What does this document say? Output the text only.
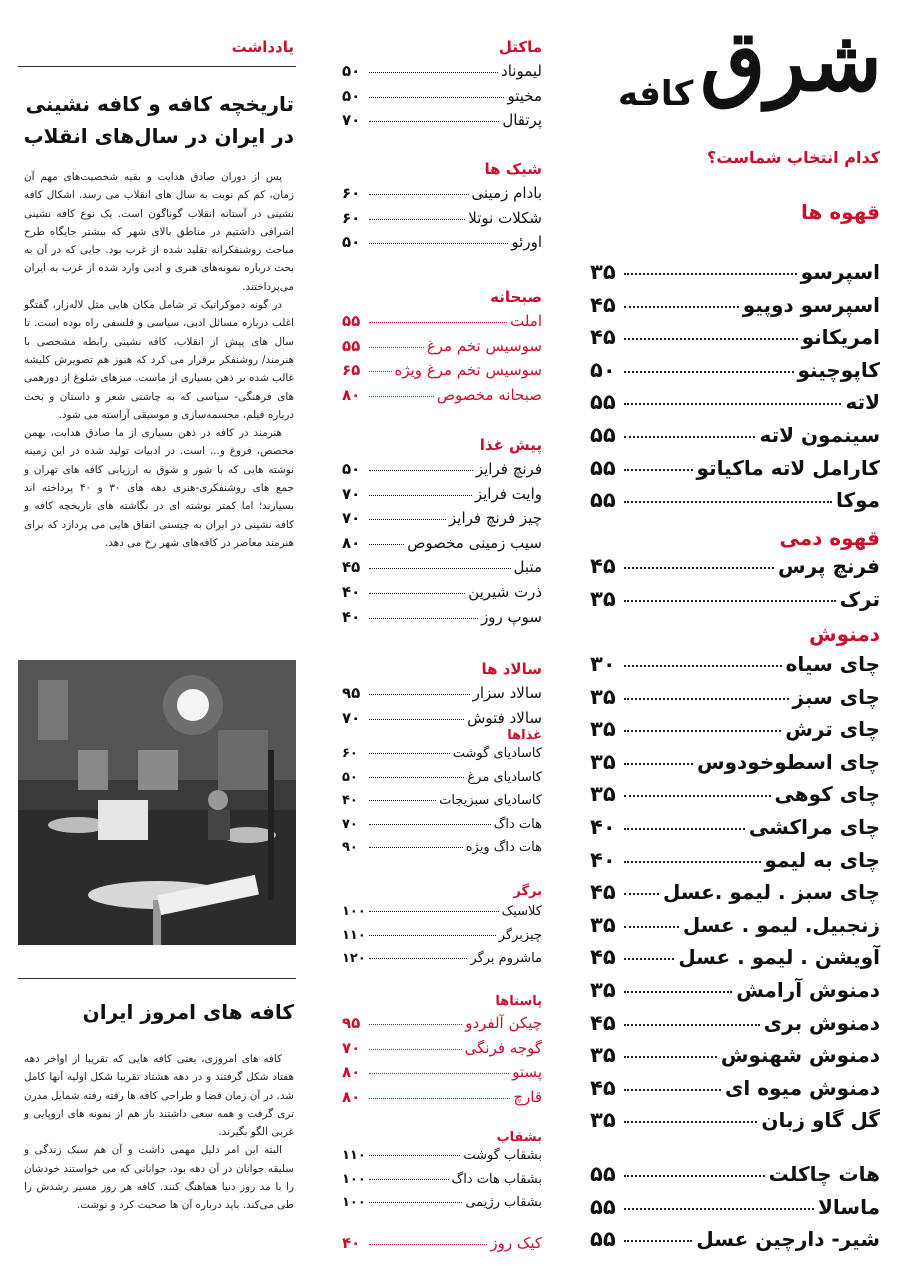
شرق
کافه
کدام انتخاب شماست؟
قهوه ها
اسپرسو
۳۵
اسپرسو دوپیو
۴۵
امریکانو
۴۵
کاپوچینو
۵۰
لاته
۵۵
سینمون لاته
۵۵
کارامل لاته ماکیاتو
۵۵
موکا
۵۵
قهوه دمی
فرنچ پرس
۴۵
ترک
۳۵
دمنوش
چای سیاه
۳۰
چای سبز
۳۵
چای ترش
۳۵
چای اسطوخودوس
۳۵
چای کوهی
۳۵
چای مراکشی
۴۰
چای به لیمو
۴۰
چای سبز . لیمو .عسل
۴۵
زنجبیل. لیمو . عسل
۳۵
آویشن . لیمو . عسل
۴۵
دمنوش آرامش
۳۵
دمنوش بری
۴۵
دمنوش شهنوش
۳۵
دمنوش میوه ای
۴۵
گل گاو زبان
۳۵
هات چاکلت
۵۵
ماسالا
۵۵
شیر- دارچین عسل
۵۵
ماکتل
لیموناد
۵۰
مخیتو
۵۰
پرتقال
۷۰
شیک ها
بادام زمینی
۶۰
شکلات نوتلا
۶۰
اورئو
۵۰
صبحانه
املت
۵۵
سوسیس تخم مرغ
۵۵
سوسیس تخم مرغ ویژه
۶۵
صبحانه مخصوص
۸۰
پیش غذا
فرنچ فرایز
۵۰
وایت فرایز
۷۰
چیز فرنچ فرایز
۷۰
سیب زمینی مخصوص
۸۰
متبل
۴۵
ذرت شیرین
۴۰
سوپ روز
۴۰
سالاد ها
سالاد سزار
۹۵
سالاد فتوش
۷۰
غذاها
کاسادیای گوشت
۶۰
کاسادیای مرغ
۵۰
کاسادیای سبزیجات
۴۰
هات داگ
۷۰
هات داگ ویژه
۹۰
برگر
کلاسیک
۱۰۰
چیزبرگر
۱۱۰
ماشروم برگر
۱۲۰
پاستاها
چیکن آلفردو
۹۵
گوجه فرنگی
۷۰
پستو
۸۰
قارچ
۸۰
بشقاب
بشقاب گوشت
۱۱۰
بشقاب هات داگ
۱۰۰
بشقاب رژیمی
۱۰۰
کیک روز
۴۰
یادداشت
تاریخچه کافه و کافه نشینی در ایران در سال‌های انقلاب

پس از دوران صادق هدایت و بقیه شخصیت‌های مهم آن زمان، کم کم نوبت به سال های انقلاب می رسد. اشکال کافه نشینی در آستانه انقلاب گوناگون است. یک نوع کافه نشینی اشرافی داشتیم در مناطق بالای شهر که بیشتر جایگاه طرح مباحث روشنفکرانه تقلید شده از غرب بود. جایی که در آن به بحث درباره نمونه‌های هنری و ادبی وارد شده از غرب به ایران می‌پرداختند.

در گونه دموکراتیک تر شامل مکان هایی مثل لاله‌زار، گفتگو اغلب درباره مسائل ادبی، سیاسی و فلسفی راه بوده است. تا سال های پیش از انقلاب، کافه نشینی رابطه مشخصی با هنرمند/ روشنفکر برقرار می کرد که هنوز هم تصویرش کلیشه غالب شده بر ذهن بسیاری از ماست. میزهای شلوغ از دورهمی های فرهنگی- سیاسی که به چاشنی شعر و داستان و بحث درباره فیلم، مجسمه‌سازی و موسیقی آراسته می شود.

هنرمند در کافه در ذهن بسیاری از ما صادق هدایت، بهمن محصص، فروغ و... است. در ادبیات تولید شده در این زمینه نوشته هایی که با شور و شوق به ارزیابی کافه های تهران و جمع های روشنفکری-هنری دهه های ۳۰ و ۴۰ پرداخته اند بسیارند؛ اما کمتر نوشته ای در نگاشته های تاریخچه کافه و کافه نشینی در ایران به چیستی اتفاق هایی می پردازد که برای هنرمند معاصر در کافه‌های شهر رخ می دهد.

کافه های امروز ایران

کافه های امروزی، یعنی کافه هایی که تقریبا از اواخر دهه هفتاد شکل گرفتند و در دهه هشتاد تقریبا شکل اولیه آنها کامل شد. در آن زمان فضا و طراحی کافه ها رفته رفته شمایل مدرن تری گرفت و همه سعی داشتند باز هم از نمونه های اروپایی و غربی الگو بگیرند.

البته این امر دلیل مهمی داشت و آن هم سبک زندگی و سلیقه جوانان در آن دهه بود. جوانانی که می خواستند خودشان را با مد روز دنیا هماهنگ کنند. کافه هر روز مسیر رشدش را طی می‌کند. باید درباره آن ها صحبت کرد و نوشت.
